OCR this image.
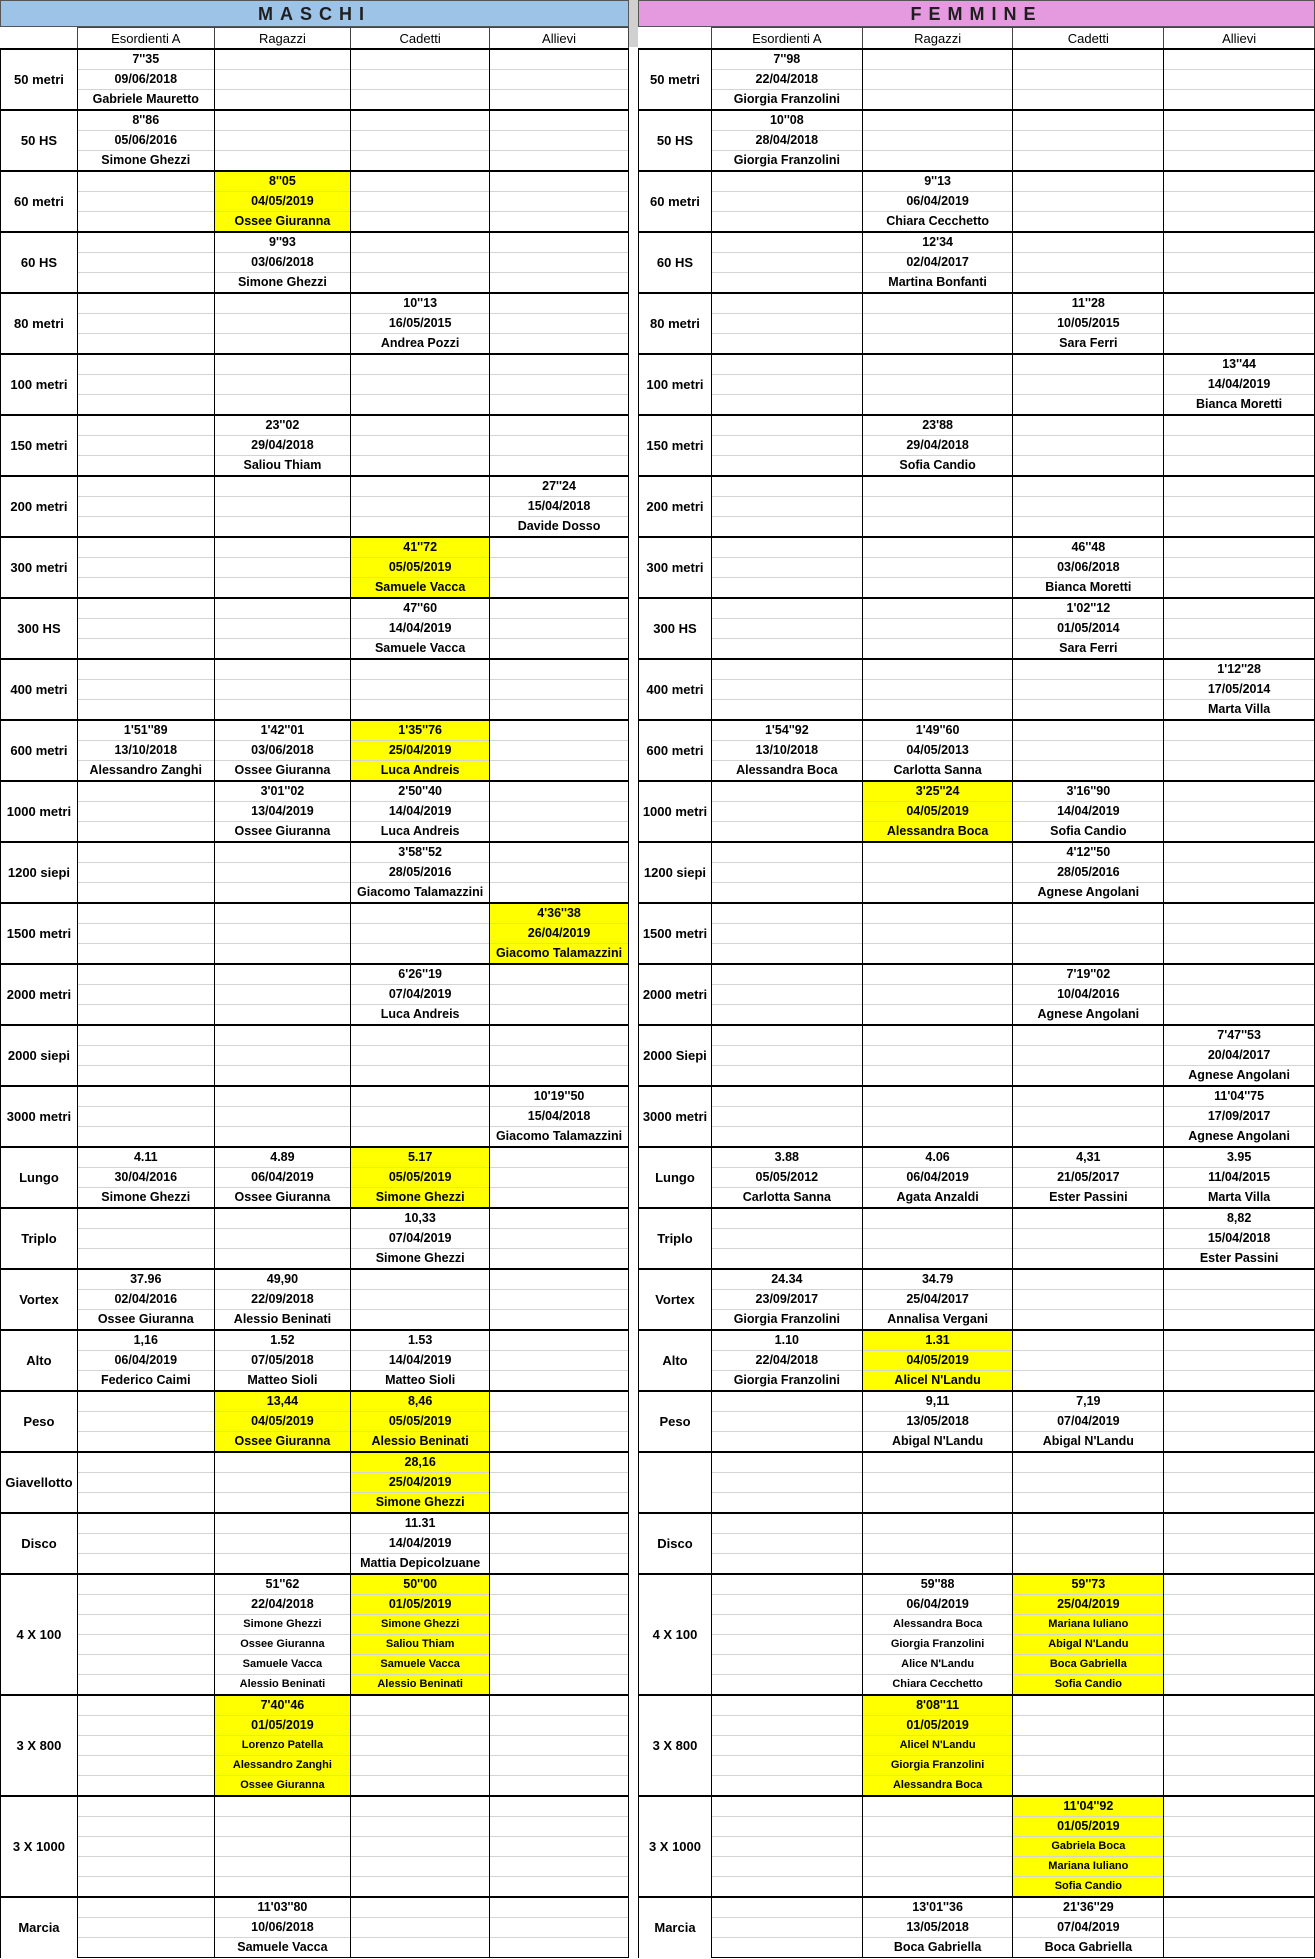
MASCHI
	Esordienti A	Ragazzi	Cadetti	Allievi
50 metri	7''35			
	09/06/2018			
	Gabriele Mauretto			
50 HS	8''86			
	05/06/2016			
	Simone Ghezzi			
60 metri		8''05		
		04/05/2019		
		Ossee Giuranna		
60 HS		9''93		
		03/06/2018		
		Simone Ghezzi		
80 metri			10''13	
			16/05/2015	
			Andrea Pozzi	
100 metri				

150 metri		23''02		
		29/04/2018		
		Saliou Thiam		
200 metri				27''24
				15/04/2018
				Davide Dosso
300 metri			41''72	
			05/05/2019	
			Samuele Vacca	
300 HS			47''60	
			14/04/2019	
			Samuele Vacca	
400 metri				

600 metri	1'51''89	1'42''01	1'35''76	
	13/10/2018	03/06/2018	25/04/2019	
	Alessandro Zanghi	Ossee Giuranna	Luca Andreis	
1000 metri		3'01''02	2'50''40	
		13/04/2019	14/04/2019	
		Ossee Giuranna	Luca Andreis	
1200 siepi			3'58''52	
			28/05/2016	
			Giacomo Talamazzini	
1500 metri				4'36''38
				26/04/2019
				Giacomo Talamazzini
2000 metri			6'26''19	
			07/04/2019	
			Luca Andreis	
2000 siepi				

3000 metri				10'19''50
				15/04/2018
				Giacomo Talamazzini
Lungo	4.11	4.89	5.17	
	30/04/2016	06/04/2019	05/05/2019	
	Simone Ghezzi	Ossee Giuranna	Simone Ghezzi	
Triplo			10,33	
			07/04/2019	
			Simone Ghezzi	
Vortex	37.96	49,90		
	02/04/2016	22/09/2018		
	Ossee Giuranna	Alessio Beninati		
Alto	1,16	1.52	1.53	
	06/04/2019	07/05/2018	14/04/2019	
	Federico Caimi	Matteo Sioli	Matteo Sioli	
Peso		13,44	8,46	
		04/05/2019	05/05/2019	
		Ossee Giuranna	Alessio Beninati	
Giavellotto			28,16	
			25/04/2019	
			Simone Ghezzi	
Disco			11.31	
			14/04/2019	
			Mattia Depicolzuane	
4 X 100		51''62	50''00	
		22/04/2018	01/05/2019	
		Simone Ghezzi	Simone Ghezzi	
		Ossee Giuranna	Saliou Thiam	
		Samuele Vacca	Samuele Vacca	
		Alessio Beninati	Alessio Beninati	
3 X 800		7'40''46		
		01/05/2019		
		Lorenzo Patella		
		Alessandro Zanghi		
		Ossee Giuranna		
3 X 1000				

Marcia		11'03''80		
		10/06/2018		
		Samuele Vacca		
FEMMINE
	Esordienti A	Ragazzi	Cadetti	Allievi
50 metri	7''98			
	22/04/2018			
	Giorgia Franzolini			
50 HS	10''08			
	28/04/2018			
	Giorgia Franzolini			
60 metri		9''13		
		06/04/2019		
		Chiara Cecchetto		
60 HS		12'34		
		02/04/2017		
		Martina Bonfanti		
80 metri			11''28	
			10/05/2015	
			Sara Ferri	
100 metri				13''44
				14/04/2019
				Bianca Moretti
150 metri		23'88		
		29/04/2018		
		Sofia Candio		
200 metri				

300 metri			46''48	
			03/06/2018	
			Bianca Moretti	
300 HS			1'02''12	
			01/05/2014	
			Sara Ferri	
400 metri				1'12''28
				17/05/2014
				Marta Villa
600 metri	1'54''92	1'49''60		
	13/10/2018	04/05/2013		
	Alessandra Boca	Carlotta Sanna		
1000 metri		3'25''24	3'16''90	
		04/05/2019	14/04/2019	
		Alessandra Boca	Sofia Candio	
1200 siepi			4'12''50	
			28/05/2016	
			Agnese Angolani	
1500 metri				

2000 metri			7'19''02	
			10/04/2016	
			Agnese Angolani	
2000 Siepi				7'47''53
				20/04/2017
				Agnese Angolani
3000 metri				11'04''75
				17/09/2017
				Agnese Angolani
Lungo	3.88	4.06	4,31	3.95
	05/05/2012	06/04/2019	21/05/2017	11/04/2015
	Carlotta Sanna	Agata Anzaldi	Ester Passini	Marta Villa
Triplo				8,82
				15/04/2018
				Ester Passini
Vortex	24.34	34.79		
	23/09/2017	25/04/2017		
	Giorgia Franzolini	Annalisa Vergani		
Alto	1.10	1.31		
	22/04/2018	04/05/2019		
	Giorgia Franzolini	Alicel N'Landu		
Peso		9,11	7,19	
		13/05/2018	07/04/2019	
		Abigal N'Landu	Abigal N'Landu	

Disco				

4 X 100		59''88	59''73	
		06/04/2019	25/04/2019	
		Alessandra Boca	Mariana Iuliano	
		Giorgia Franzolini	Abigal N'Landu	
		Alice N'Landu	Boca Gabriella	
		Chiara Cecchetto	Sofia Candio	
3 X 800		8'08''11		
		01/05/2019		
		Alicel N'Landu		
		Giorgia Franzolini		
		Alessandra Boca		
3 X 1000			11'04''92	
			01/05/2019	
			Gabriela Boca	
			Mariana Iuliano	
			Sofia Candio	
Marcia		13'01''36	21'36''29	
		13/05/2018	07/04/2019	
		Boca Gabriella	Boca Gabriella	
